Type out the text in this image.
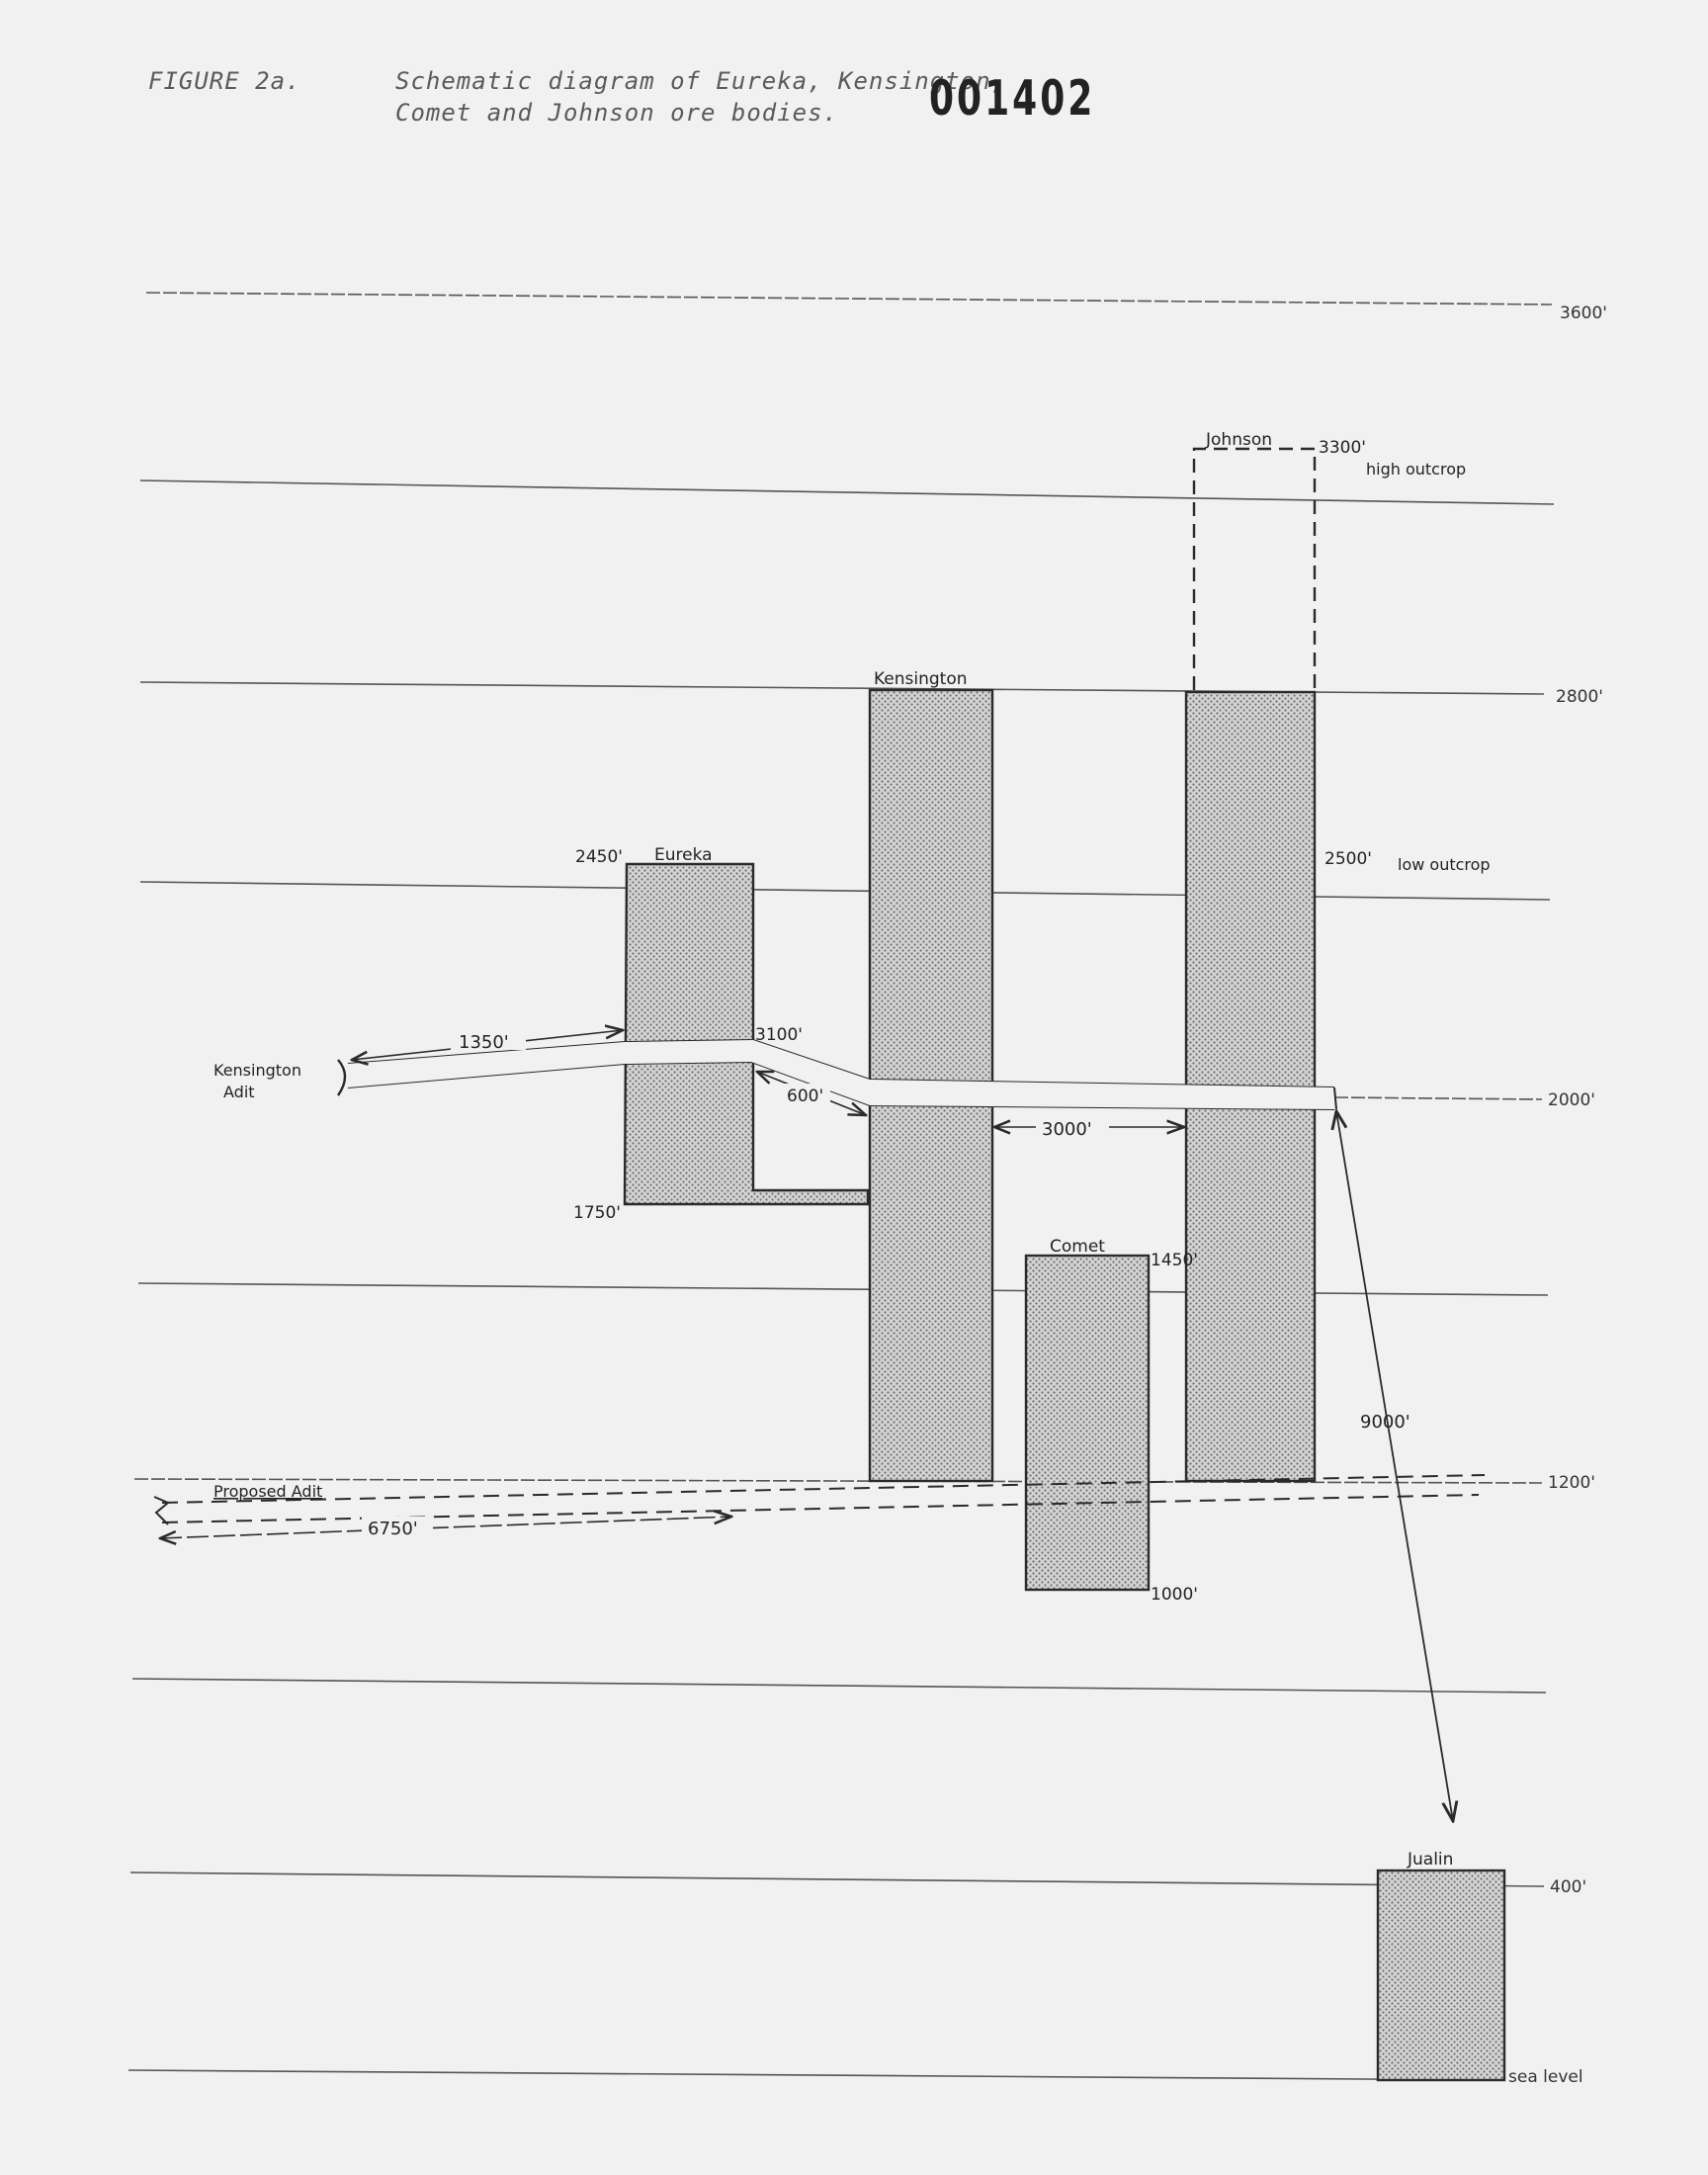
FIGURE 2a.	Schematic diagram of Eureka, Kensington,
Comet and Johnson ore bodies.	001402
3600'
2800'
2000'
1200'
400'
sea level
Eureka
2450'
1750'
Kensington
Johnson	3300'
high outcrop
2500' low outcrop
Comet
1450'
1000'
Jualin
Kensington
Adit
1350'	3100'
600'
3000'
9000'
Proposed Adit
6750'
